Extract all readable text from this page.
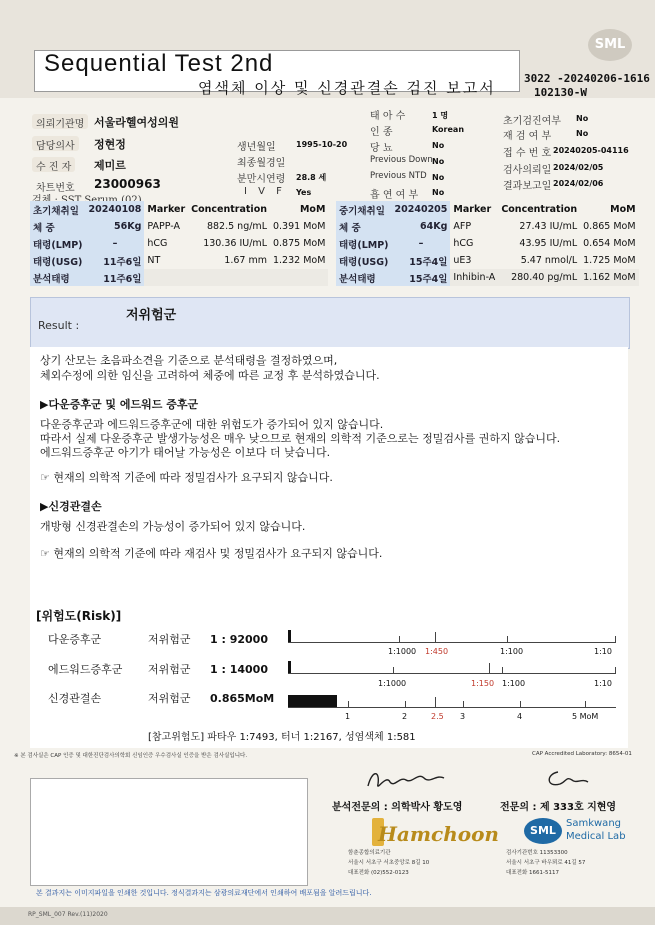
SML
Sequential Test 2nd
염색체 이상 및 신경관결손 검진 보고서
3022 -20240206-1616
102130-W
의뢰기관명 서울라헬여성의원
담당의사	정현정
수 진 자	제미르
차트번호 23000963
생년월일	1995-10-20
최종월경일
분만시연령 28.8 세
I V F Yes
태 아 수	1 명
인 종	Korean
당 뇨	No
Previous Down No
Previous NTD No
흡 연 여 부 No
초기검진여부 No
재 검 여 부	No
접 수 번 호 20240205-04116
검사의뢰일 2024/02/05
결과보고일 2024/02/06
초기채취일	20240108	Marker	Concentration	MoM
체 중	56Kg	PAPP-A	882.5 ng/mL	0.391 MoM
태령(LMP)	–	hCG	130.36 IU/mL	0.875 MoM
태령(USG)	11주6일	NT	1.67 mm	1.232 MoM
분석태령	11주6일			
중기채취일	20240205	Marker	Concentration	MoM
체 중	64Kg	AFP	27.43 IU/mL	0.865 MoM
태령(LMP)	–	hCG	43.95 IU/mL	0.654 MoM
태령(USG)	15주4일	uE3	5.47 nmol/L	1.725 MoM
분석태령	15주4일	Inhibin-A	280.40 pg/mL	1.162 MoM
Result :
저위험군
상기 산모는 초음파소견을 기준으로 분석태령을 결정하였으며,
체외수정에 의한 임신을 고려하여 체중에 따른 교정 후 분석하였습니다.
▶다운증후군 및 에드워드 증후군
다운증후군과 에드워드증후군에 대한 위험도가 증가되어 있지 않습니다.
따라서 실제 다운증후군 발생가능성은 매우 낮으므로 현재의 의학적 기준으로는 정밀검사를 권하지 않습니다.
에드워드증후군 아기가 태어날 가능성은 이보다 더 낮습니다.
☞ 현재의 의학적 기준에 따라 정밀검사가 요구되지 않습니다.
▶신경관결손
개방형 신경관결손의 가능성이 증가되어 있지 않습니다.
☞ 현재의 의학적 기준에 따라 재검사 및 정밀검사가 요구되지 않습니다.
[위험도(Risk)]
다운증후군	저위험군 1 : 92000
1:1000 1:450	1:100	1:10
에드워드증후군 저위험군 1 : 14000
1:1000	1:150 1:100	1:10
신경관결손	저위험군 0.865MoM
1	2	2.5 3	4	5 MoM
[참고위험도] 파타우 1:7493, 터너 1:2167, 성염색체 1:581
※ 본 검사실은 CAP 인증 및 대한진단검사의학회 신임인증 우수검사실 인증을 받은 검사실입니다.	CAP Accredited Laboratory: 8654-01
분석전문의 : 의학박사 황도영	전문의 : 제 333호 지현영
Hamchoon	SML
Samkwang
Medical Lab
함춘종합의료기관
서울시 서초구 서초중앙로 8길 10
대표전화 (02)552-0123
검사기관번호 11353300
서울시 서초구 바우뫼로 41길 57
대표전화 1661-5117
본 결과지는 이미지파일을 인쇄한 것입니다. 정식결과지는 삼광의료재단에서 인쇄하여 배포됨을 알려드립니다.
RP_SML_007 Rev.(11)2020
